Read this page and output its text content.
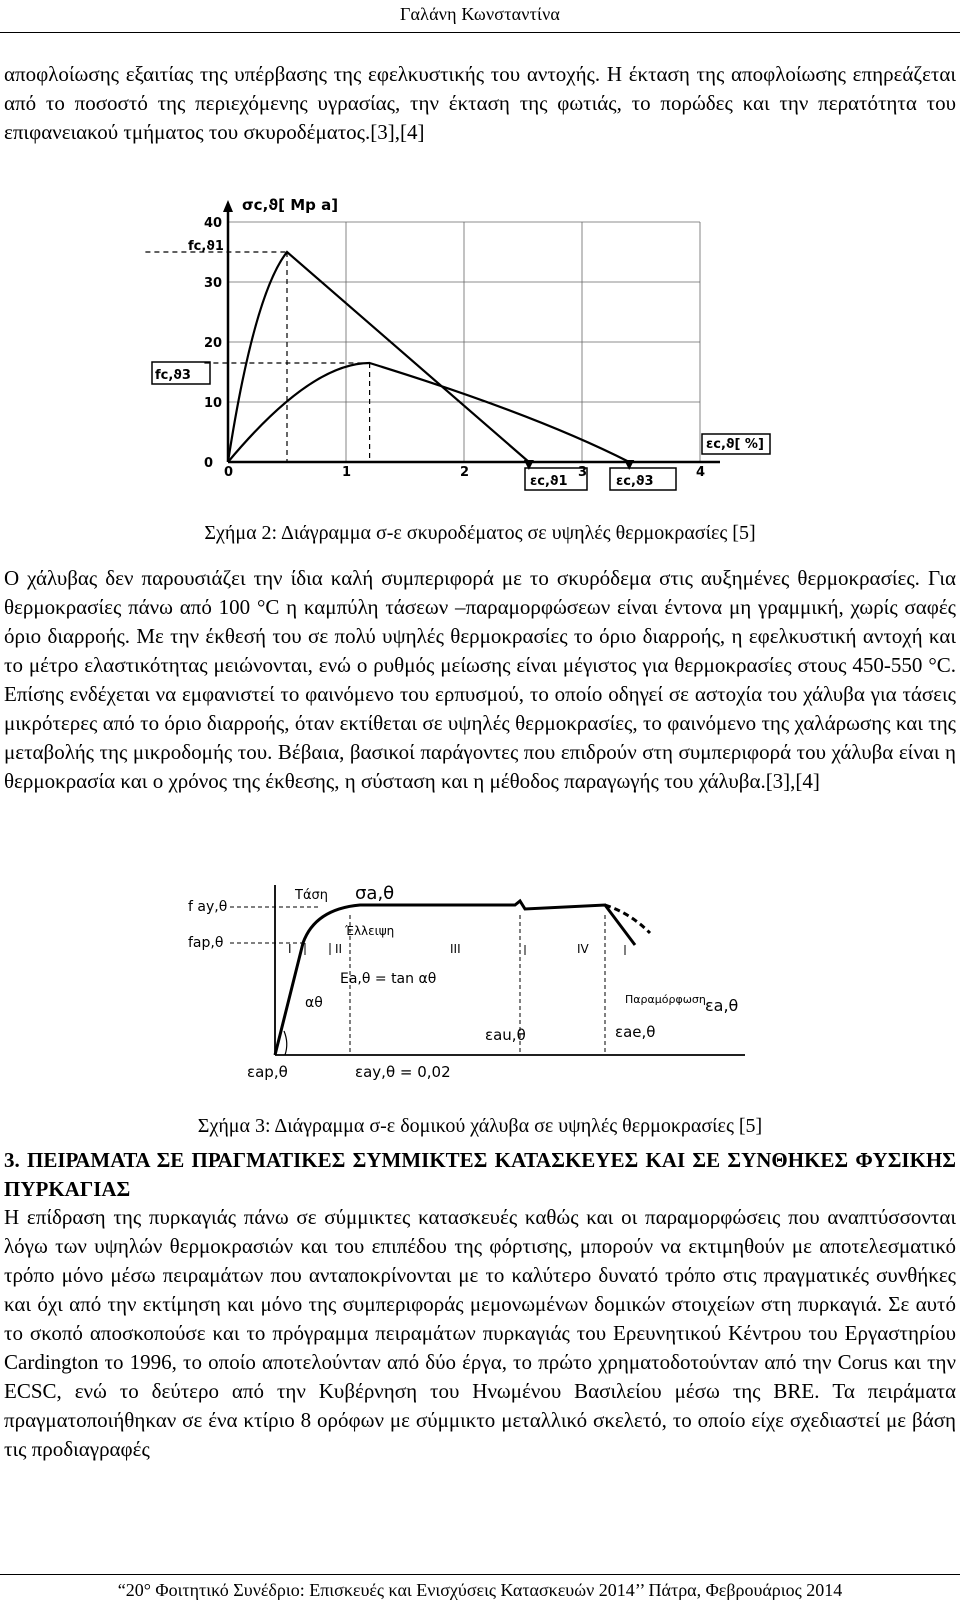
Γαλάνη Κωνσταντίνα

αποφλοίωσης εξαιτίας της υπέρβασης της εφελκυστικής του αντοχής. Η έκταση της αποφλοίωσης επηρεάζεται από το ποσοστό της περιεχόμενης υγρασίας, την έκταση της φωτιάς, το πορώδες και την περατότητα του επιφανειακού τμήματος του σκυροδέματος.[3],[4]

0
10
20
30
40
0	1	2	3	4
σc,ϑ[ Mp a]
εc,ϑ[ %]
fc,ϑ1
fc,ϑ3
εc,ϑ1	εc,ϑ3
Σχήμα 2: Διάγραμμα σ-ε σκυροδέματος σε υψηλές θερμοκρασίες [5]

Ο χάλυβας δεν παρουσιάζει την ίδια καλή συμπεριφορά με το σκυρόδεμα στις αυξημένες θερμοκρασίες. Για θερμοκρασίες πάνω από 100 °C η καμπύλη τάσεων –παραμορφώσεων είναι έντονα μη γραμμική, χωρίς σαφές όριο διαρροής. Με την έκθεσή του σε πολύ υψηλές θερμοκρασίες το όριο διαρροής, η εφελκυστική αντοχή και το μέτρο ελαστικότητας μειώνονται, ενώ ο ρυθμός μείωσης είναι μέγιστος για θερμοκρασίες στους 450-550 °C. Επίσης ενδέχεται να εμφανιστεί το φαινόμενο του ερπυσμού, το οποίο οδηγεί σε αστοχία του χάλυβα για τάσεις μικρότερες από το όριο διαρροής, όταν εκτίθεται σε υψηλές θερμοκρασίες, το φαινόμενο της χαλάρωσης και της μεταβολής της μικροδομής του. Βέβαια, βασικοί παράγοντες που επιδρούν στη συμπεριφορά του χάλυβα είναι η θερμοκρασία και ο χρόνος της έκθεσης, η σύσταση και η μέθοδος παραγωγής του χάλυβα.[3],[4]

Τάση σa,θ
f ay,θ
fap,θ
Έλλειψη
I	II	III	IV
Ea,θ = tan αθ
αθ	Παραμόρφωση εa,θ
εau,θ	εae,θ
εap,θ	εay,θ = 0,02
Σχήμα 3: Διάγραμμα σ-ε δομικού χάλυβα σε υψηλές θερμοκρασίες [5]
3. ΠΕΙΡΑΜΑΤΑ ΣΕ ΠΡΑΓΜΑΤΙΚΕΣ ΣΥΜΜΙΚΤΕΣ ΚΑΤΑΣΚΕΥΕΣ ΚΑΙ ΣΕ ΣΥΝΘΗΚΕΣ ΦΥΣΙΚΗΣ ΠΥΡΚΑΓΙΑΣ

Η επίδραση της πυρκαγιάς πάνω σε σύμμικτες κατασκευές καθώς και οι παραμορφώσεις που αναπτύσσονται λόγω των υψηλών θερμοκρασιών και του επιπέδου της φόρτισης, μπορούν να εκτιμηθούν με αποτελεσματικό τρόπο μόνο μέσω πειραμάτων που ανταποκρίνονται με το καλύτερο δυνατό τρόπο στις πραγματικές συνθήκες και όχι από την εκτίμηση και μόνο της συμπεριφοράς μεμονωμένων δομικών στοιχείων στη πυρκαγιά. Σε αυτό το σκοπό αποσκοπούσε και το πρόγραμμα πειραμάτων πυρκαγιάς του Ερευνητικού Κέντρου του Εργαστηρίου Cardington το 1996, το οποίο αποτελούνταν από δύο έργα, το πρώτο χρηματοδοτούνταν από την Corus και την ECSC, ενώ το δεύτερο από την Κυβέρνηση του Ηνωμένου Βασιλείου μέσω της BRE. Τα πειράματα πραγματοποιήθηκαν σε ένα κτίριο 8 ορόφων με σύμμικτο μεταλλικό σκελετό, το οποίο είχε σχεδιαστεί με βάση τις προδιαγραφές

“20° Φοιτητικό Συνέδριο: Επισκευές και Ενισχύσεις Κατασκευών 2014’’ Πάτρα, Φεβρουάριος 2014
